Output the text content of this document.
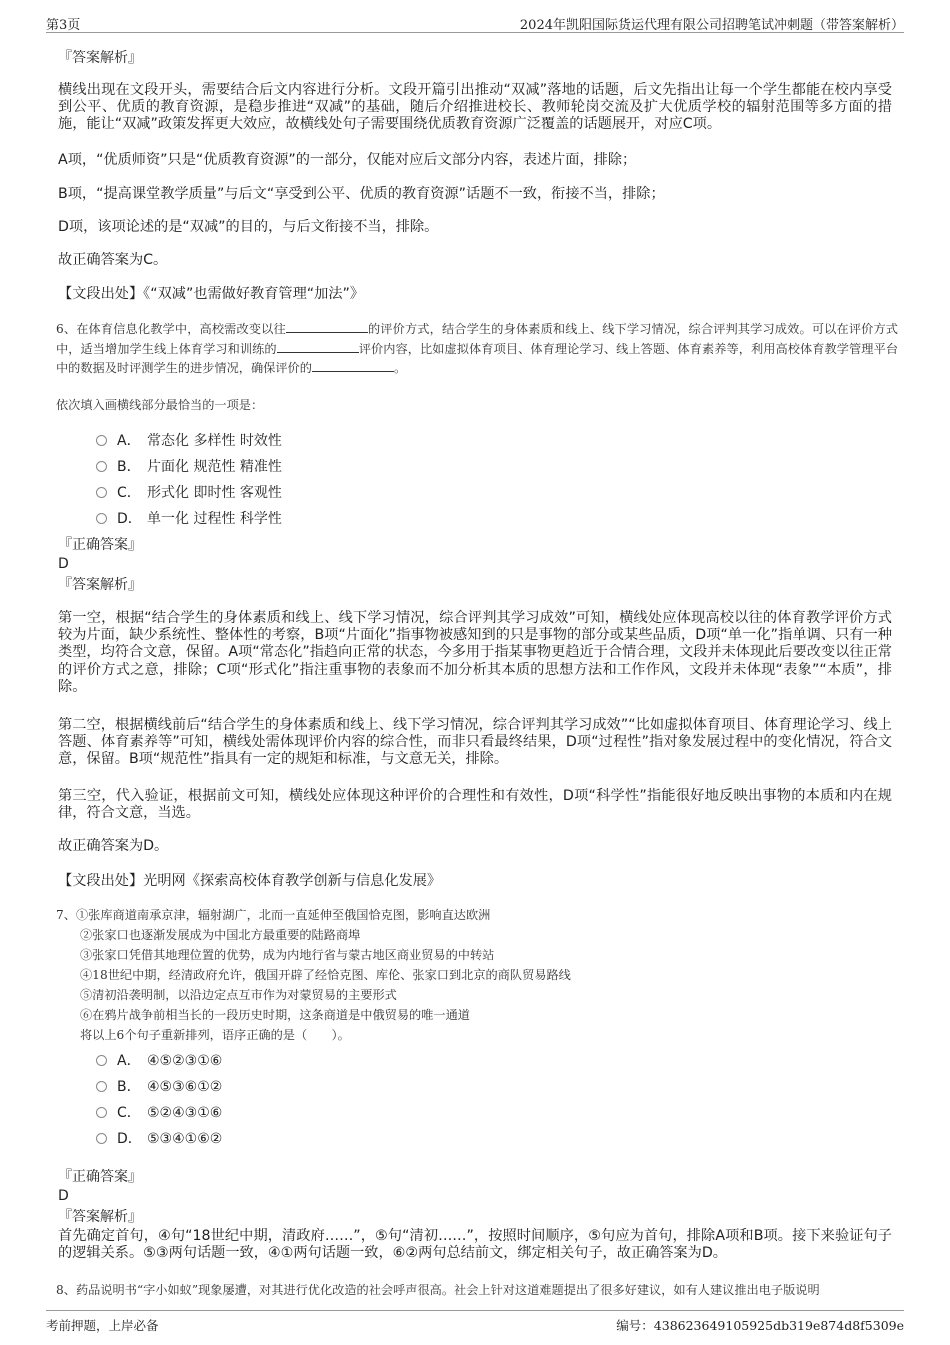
第3页	2024年凯阳国际货运代理有限公司招聘笔试冲刺题（带答案解析）
『答案解析』
横线出现在文段开头，需要结合后文内容进行分析。文段开篇引出推动“双减”落地的话题，后文先指出让每一个学生都能在校内享受到公平、优质的教育资源，是稳步推进“双减”的基础，随后介绍推进校长、教师轮岗交流及扩大优质学校的辐射范围等多方面的措施，能让“双减”政策发挥更大效应，故横线处句子需要围绕优质教育资源广泛覆盖的话题展开，对应C项。
A项，“优质师资”只是“优质教育资源”的一部分，仅能对应后文部分内容，表述片面，排除；
B项，“提高课堂教学质量”与后文“享受到公平、优质的教育资源”话题不一致，衔接不当，排除；
D项，该项论述的是“双减”的目的，与后文衔接不当，排除。
故正确答案为C。
【文段出处】《“双减”也需做好教育管理“加法”》
6、在体育信息化教学中，高校需改变以往	的评价方式，结合学生的身体素质和线上、线下学习情况，综合评判其学习成效。可以在评价方式中，适当增加学生线上体育学习和训练的	评价内容，比如虚拟体育项目、体育理论学习、线上答题、体育素养等，利用高校体育教学管理平台中的数据及时评测学生的进步情况，确保评价的	。
依次填入画横线部分最恰当的一项是：
A． 常态化 多样性 时效性
B． 片面化 规范性 精准性
C． 形式化 即时性 客观性
D． 单一化 过程性 科学性
『正确答案』
D
『答案解析』
第一空，根据“结合学生的身体素质和线上、线下学习情况，综合评判其学习成效”可知，横线处应体现高校以往的体育教学评价方式较为片面，缺少系统性、整体性的考察，B项“片面化”指事物被感知到的只是事物的部分或某些品质，D项“单一化”指单调、只有一种类型，均符合文意，保留。A项“常态化”指趋向正常的状态，今多用于指某事物更趋近于合情合理，文段并未体现此后要改变以往正常的评价方式之意，排除；C项“形式化”指注重事物的表象而不加分析其本质的思想方法和工作作风，文段并未体现“表象”“本质”，排除。
第二空，根据横线前后“结合学生的身体素质和线上、线下学习情况，综合评判其学习成效”“比如虚拟体育项目、体育理论学习、线上答题、体育素养等”可知，横线处需体现评价内容的综合性，而非只看最终结果，D项“过程性”指对象发展过程中的变化情况，符合文意，保留。B项“规范性”指具有一定的规矩和标准，与文意无关，排除。
第三空，代入验证，根据前文可知，横线处应体现这种评价的合理性和有效性，D项“科学性”指能很好地反映出事物的本质和内在规律，符合文意，当选。
故正确答案为D。
【文段出处】光明网《探索高校体育教学创新与信息化发展》
7、①张库商道南承京津，辐射湖广，北而一直延伸至俄国恰克图，影响直达欧洲
②张家口也逐渐发展成为中国北方最重要的陆路商埠
③张家口凭借其地理位置的优势，成为内地行省与蒙古地区商业贸易的中转站
④18世纪中期，经清政府允许，俄国开辟了经恰克图、库伦、张家口到北京的商队贸易路线
⑤清初沿袭明制，以沿边定点互市作为对蒙贸易的主要形式
⑥在鸦片战争前相当长的一段历史时期，这条商道是中俄贸易的唯一通道
将以上6个句子重新排列，语序正确的是（　　）。
A． ④⑤②③①⑥
B． ④⑤③⑥①②
C． ⑤②④③①⑥
D． ⑤③④①⑥②
『正确答案』
D
『答案解析』
首先确定首句，④句“18世纪中期，清政府……”，⑤句“清初……”，按照时间顺序，⑤句应为首句，排除A项和B项。接下来验证句子的逻辑关系。⑤③两句话题一致，④①两句话题一致，⑥②两句总结前文，绑定相关句子，故正确答案为D。
8、药品说明书“字小如蚁”现象屡遭，对其进行优化改造的社会呼声很高。社会上针对这道难题提出了很多好建议，如有人建议推出电子版说明
考前押题，上岸必备	编号：438623649105925db319e874d8f5309e
